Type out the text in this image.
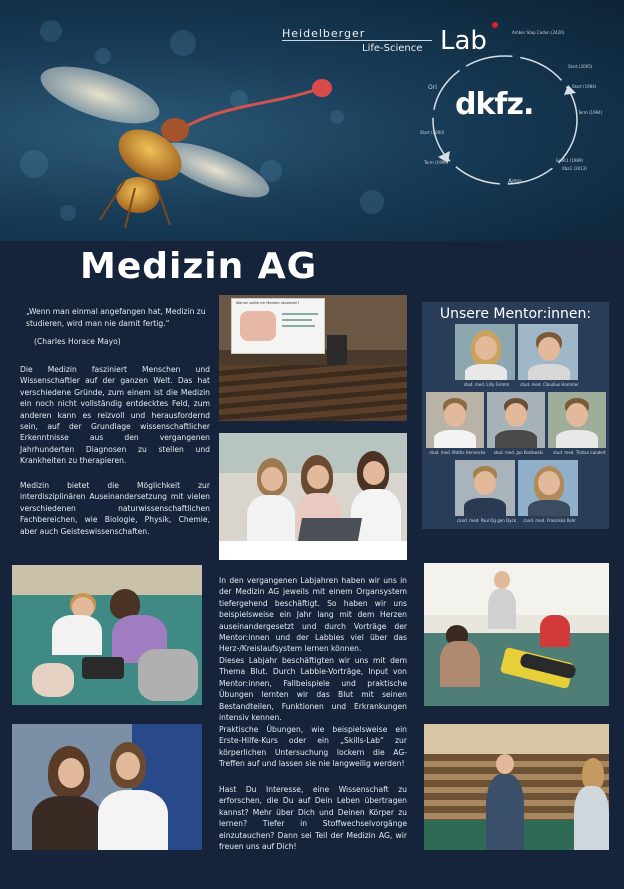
Heidelberger
Life-Science Lab
dkfz.
Amber Stop Codon (2420)
Start (2005)
Start (1984)
Term (1994)
EcoR1 (1989)
Xba1 (2013)
Start (2000)
Term (1999)
Amp
Ori
Medizin AG
„Wenn man einmal angefangen hat, Medizin zu studieren, wird man nie damit fertig.“
(Charles Horace Mayo)
Die Medizin fasziniert Menschen und Wissenschaftler auf der ganzen Welt. Das hat verschiedene Gründe, zum einem ist die Medizin ein noch nicht vollständig entdecktes Feld, zum anderen kann es reizvoll und herausfordernd sein, auf der Grundlage wissenschaftlicher Erkenntnisse aus den vergangenen Jahrhunderten Diagnosen zu stellen und Krankheiten zu therapieren.
Medizin bietet die Möglichkeit zur interdisziplinären Auseinandersetzung mit vielen verschiedenen naturwissenschaftlichen Fachbereichen, wie Biologie, Physik, Chemie, aber auch Geisteswissenschaften.
Warum sollte ich Medizin studieren?
Unsere Mentor:innen:
stud. med. Lilly Grimm	stud. med. Claudius Hammer
stud. med. Mattis Hennecke	stud. med. Jan Kozlowski	stud. med. Tristan Landert
cand. med. Paul Og gen Dyck	cand. med. Franziska Rohr
In den vergangenen Labjahren haben wir uns in der Medizin AG jeweils mit einem Organsystem tiefergehend beschäftigt. So haben wir uns beispielsweise ein Jahr lang mit dem Herzen auseinandergesetzt und durch Vorträge der Mentor:innen und der Labbies viel über das Herz-/Kreislaufsystem lernen können.
Dieses Labjahr beschäftigten wir uns mit dem Thema Blut. Durch Labbie-Vorträge, Input von Mentor:innen, Fallbeispiele und praktische Übungen lernten wir das Blut mit seinen Bestandteilen, Funktionen und Erkrankungen intensiv kennen.
Praktische Übungen, wie beispielsweise ein Erste-Hilfe-Kurs oder ein „Skills-Lab“ zur körperlichen Untersuchung lockern die AG-Treffen auf und lassen sie nie langweilig werden!
Hast Du Interesse, eine Wissenschaft zu erforschen, die Du auf Dein Leben übertragen kannst? Mehr über Dich und Deinen Körper zu lernen? Tiefer in Stoffwechselvorgänge einzutauchen? Dann sei Teil der Medizin AG, wir freuen uns auf Dich!
